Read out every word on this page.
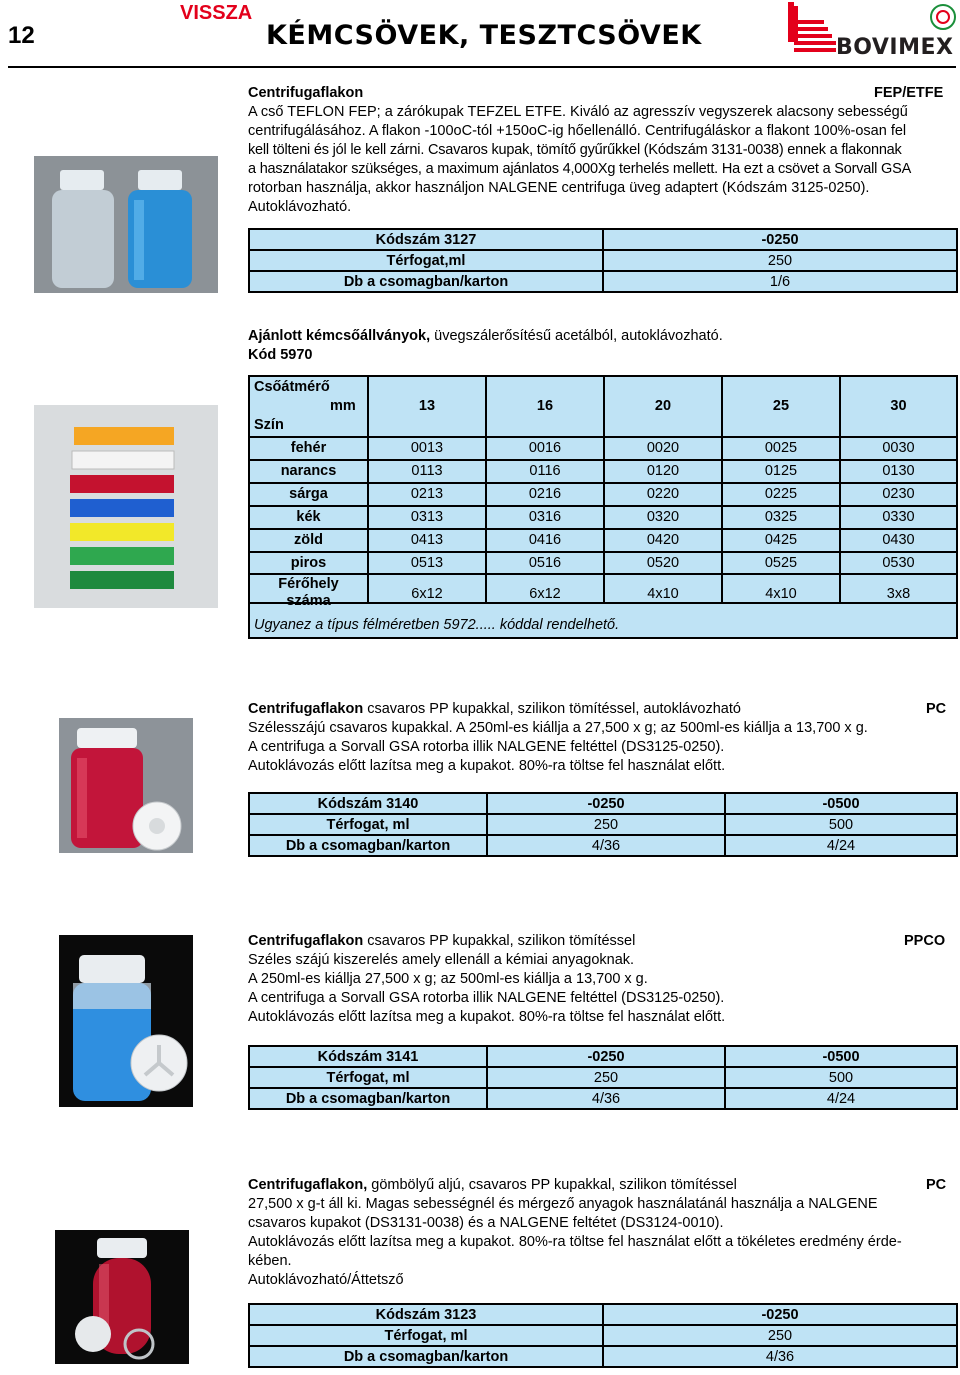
12
VISSZA
KÉMCSÖVEK, TESZTCSÖVEK	BOVIMEX
Centrifugaflakon	FEP/ETFE
A cső TEFLON FEP; a zárókupak TEFZEL ETFE. Kiváló az agresszív vegyszerek alacsony sebességű
centrifugálásához. A flakon -100oC-tól +150oC-ig hőellenálló. Centrifugáláskor a flakont 100%-osan fel
kell tölteni és jól le kell zárni. Csavaros kupak, tömítő gyűrűkkel (Kódszám 3131-0038) ennek a flakonnak
a használatakor szükséges, a maximum ajánlatos 4,000Xg terhelés mellett. Ha ezt a csövet a Sorvall GSA
rotorban használja, akkor használjon NALGENE centrifuga üveg adaptert (Kódszám 3125-0250).
Autoklávozható.
Kódszám 3127	-0250
Térfogat,ml	250
Db a csomagban/karton	1/6
Ajánlott kémcsőállványok, üvegszálerősítésű acetálból, autoklávozható.
Kód 5970
Csőátmérő
mm
Szín
13	16	20	25	30
fehér	0013	0016	0020	0025	0030
narancs	0113	0116	0120	0125	0130
sárga	0213	0216	0220	0225	0230
kék	0313	0316	0320	0325	0330
zöld	0413	0416	0420	0425	0430
piros	0513	0516	0520	0525	0530
Férőhely
száma	6x12	6x12	4x10	4x10	3x8
Ugyanez a típus félméretben 5972..... kóddal rendelhető.
Centrifugaflakon csavaros PP kupakkal, szilikon tömítéssel, autoklávozható	PC
Szélesszájú csavaros kupakkal. A 250ml-es kiállja a 27,500 x g; az 500ml-es kiállja a 13,700 x g.
A centrifuga a Sorvall GSA rotorba illik NALGENE feltéttel (DS3125-0250).
Autoklávozás előtt lazítsa meg a kupakot. 80%-ra töltse fel használat előtt.
Kódszám 3140	-0250	-0500
Térfogat, ml	250	500
Db a csomagban/karton	4/36	4/24
Centrifugaflakon csavaros PP kupakkal, szilikon tömítéssel	PPCO
Széles szájú kiszerelés amely ellenáll a kémiai anyagoknak.
A 250ml-es kiállja 27,500 x g; az 500ml-es kiállja a 13,700 x g.
A centrifuga a Sorvall GSA rotorba illik NALGENE feltéttel (DS3125-0250).
Autoklávozás előtt lazítsa meg a kupakot. 80%-ra töltse fel használat előtt.
Kódszám 3141	-0250	-0500
Térfogat, ml	250	500
Db a csomagban/karton	4/36	4/24
Centrifugaflakon, gömbölyű aljú, csavaros PP kupakkal, szilikon tömítéssel	PC
27,500 x g-t áll ki. Magas sebességnél és mérgező anyagok használatánál használja a NALGENE
csavaros kupakot (DS3131-0038) és a NALGENE feltétet (DS3124-0010).
Autoklávozás előtt lazítsa meg a kupakot. 80%-ra töltse fel használat előtt a tökéletes eredmény érde-
kében.
Autoklávozható/Áttetsző
Kódszám 3123	-0250
Térfogat, ml	250
Db a csomagban/karton	4/36
